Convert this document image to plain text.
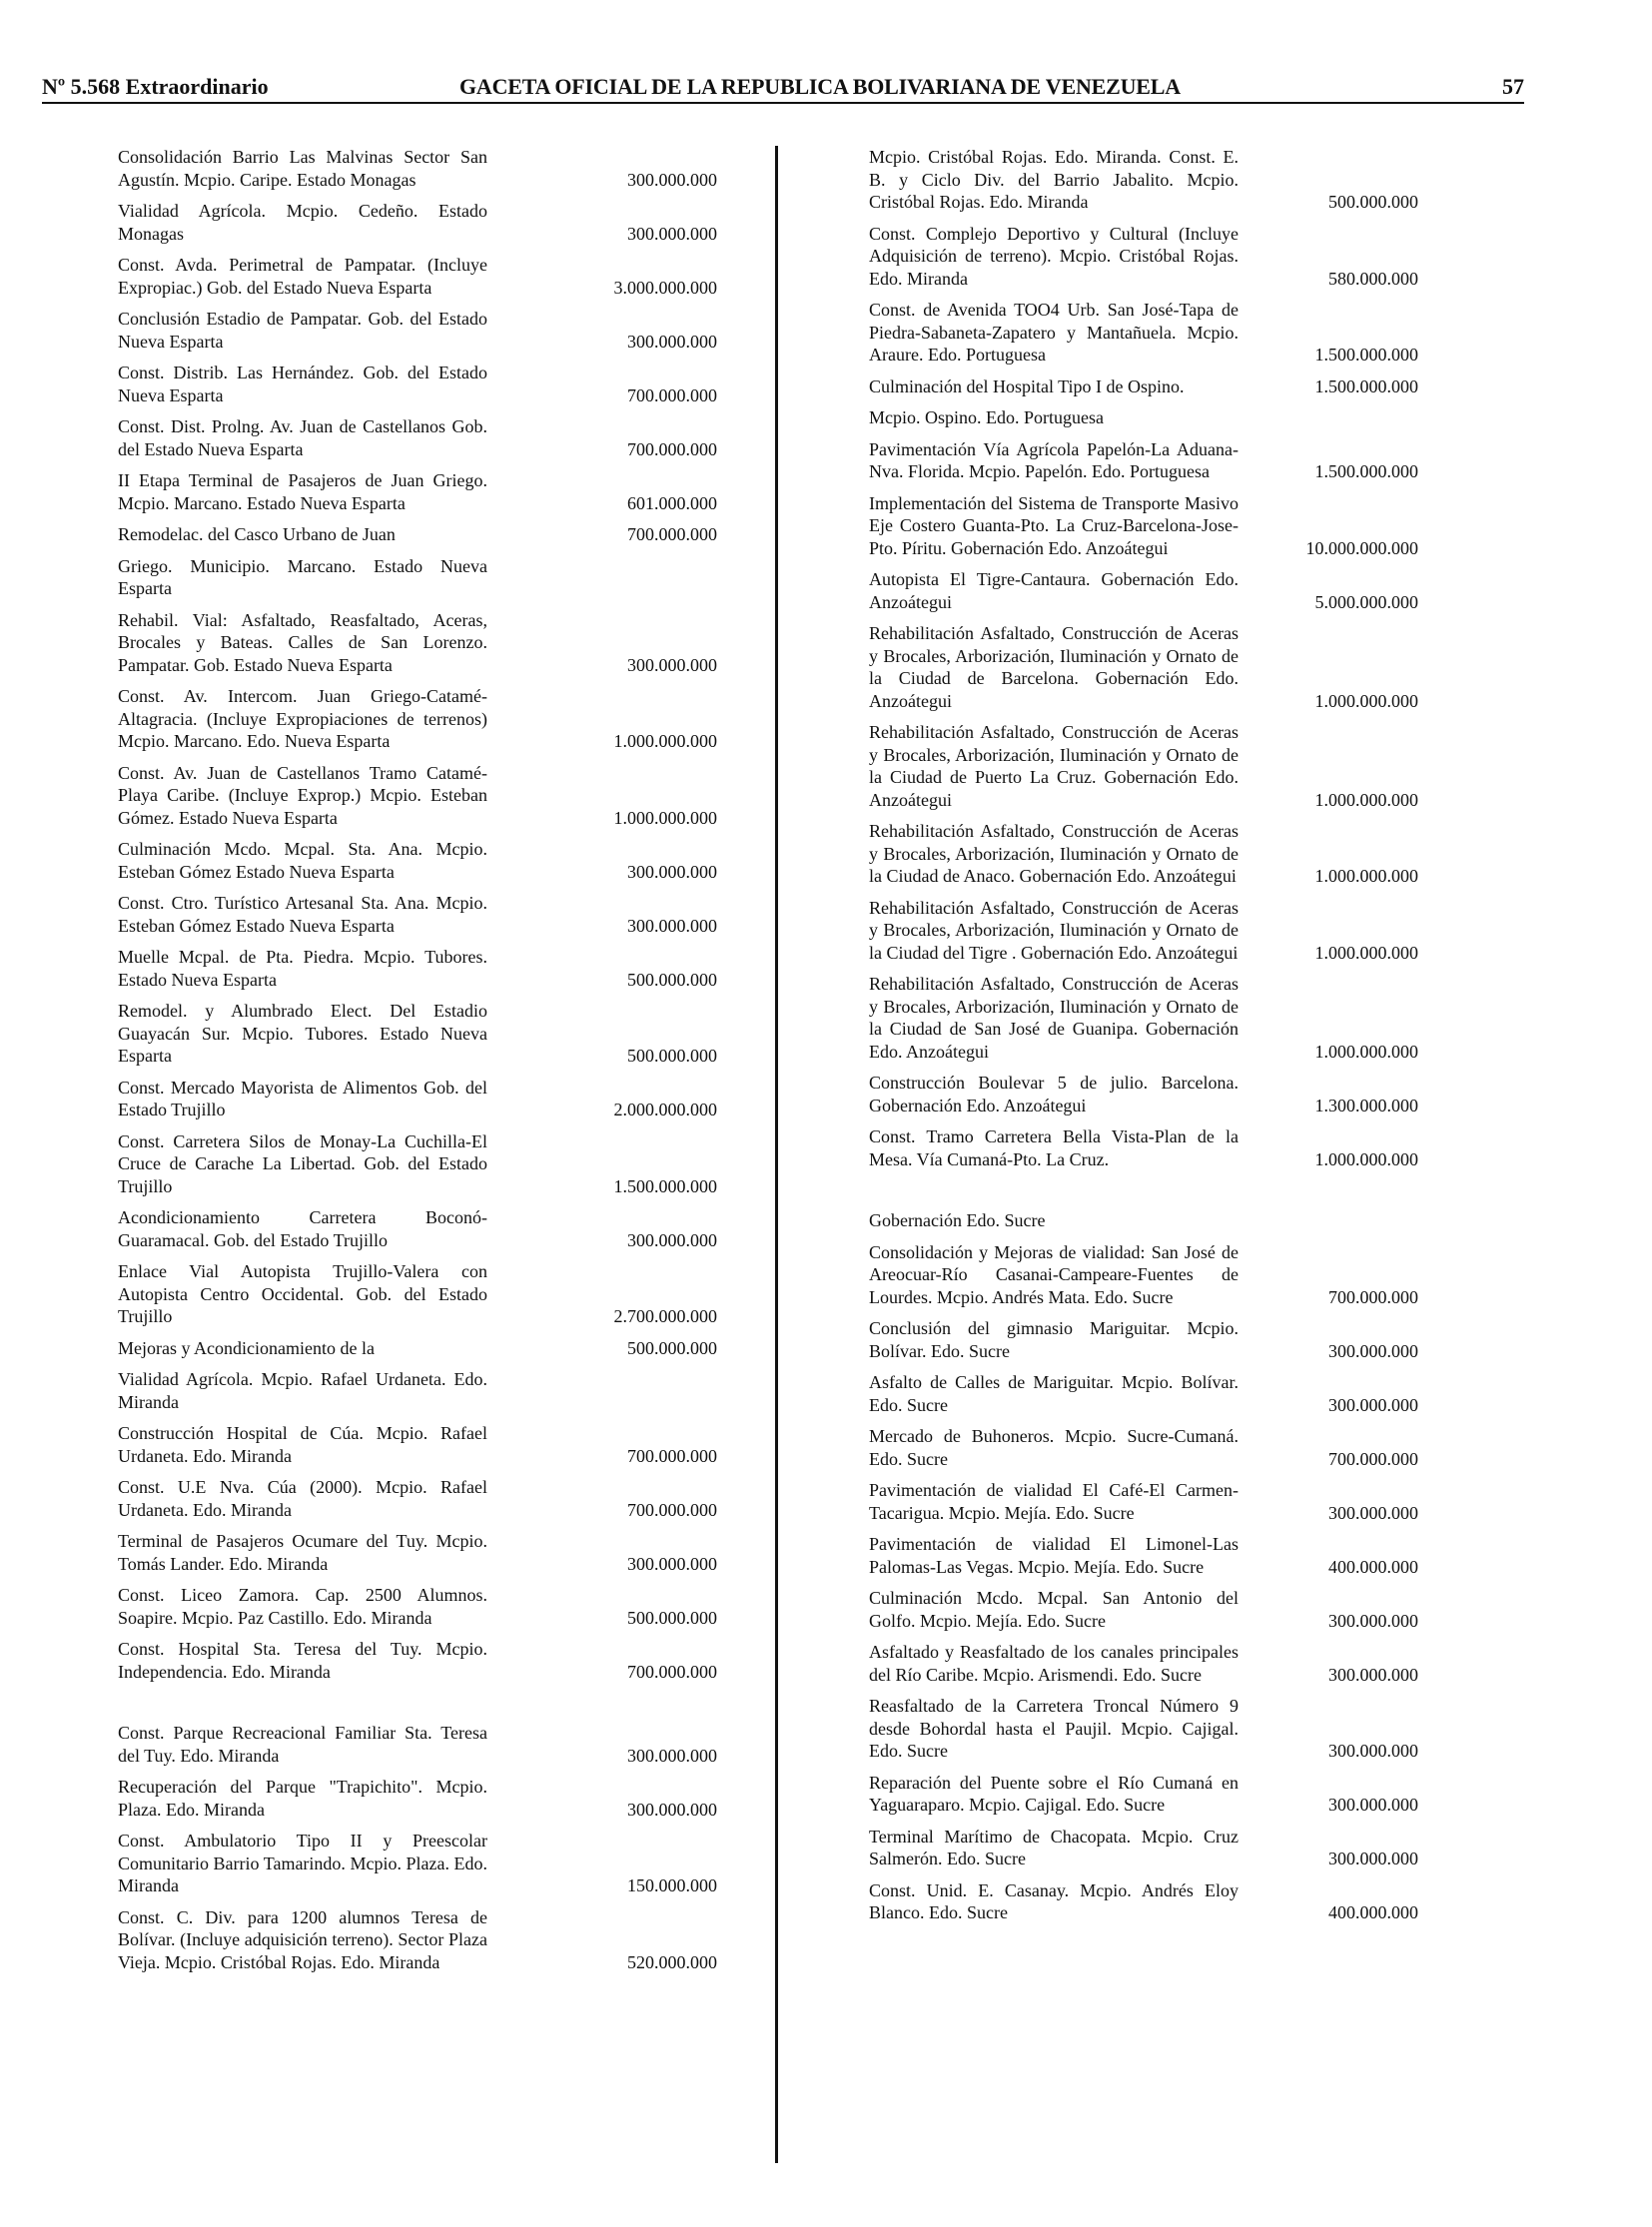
Nº 5.568 Extraordinario	GACETA OFICIAL DE LA REPUBLICA BOLIVARIANA DE VENEZUELA	57
Consolidación Barrio Las Malvinas Sector San Agustín. Mcpio. Caripe. Estado Monagas	300.000.000
Vialidad Agrícola. Mcpio. Cedeño. Estado Monagas	300.000.000
Const. Avda. Perimetral de Pampatar. (Incluye Expropiac.) Gob. del Estado Nueva Esparta	3.000.000.000
Conclusión Estadio de Pampatar. Gob. del Estado Nueva Esparta	300.000.000
Const. Distrib. Las Hernández. Gob. del Estado Nueva Esparta	700.000.000
Const. Dist. Prolng. Av. Juan de Castellanos Gob. del Estado Nueva Esparta	700.000.000
II Etapa Terminal de Pasajeros de Juan Griego. Mcpio. Marcano. Estado Nueva Esparta	601.000.000
Remodelac. del Casco Urbano de Juan	700.000.000
Griego. Municipio. Marcano. Estado Nueva Esparta
Rehabil. Vial: Asfaltado, Reasfaltado, Aceras, Brocales y Bateas. Calles de San Lorenzo. Pampatar. Gob. Estado Nueva Esparta	300.000.000
Const. Av. Intercom. Juan Griego-Catamé-Altagracia. (Incluye Expropiaciones de terrenos) Mcpio. Marcano. Edo. Nueva Esparta	1.000.000.000
Const. Av. Juan de Castellanos Tramo Catamé-Playa Caribe. (Incluye Exprop.) Mcpio. Esteban Gómez. Estado Nueva Esparta	1.000.000.000
Culminación Mcdo. Mcpal. Sta. Ana. Mcpio. Esteban Gómez Estado Nueva Esparta	300.000.000
Const. Ctro. Turístico Artesanal Sta. Ana. Mcpio. Esteban Gómez Estado Nueva Esparta	300.000.000
Muelle Mcpal. de Pta. Piedra. Mcpio. Tubores. Estado Nueva Esparta	500.000.000
Remodel. y Alumbrado Elect. Del Estadio Guayacán Sur. Mcpio. Tubores. Estado Nueva Esparta	500.000.000
Const. Mercado Mayorista de Alimentos Gob. del Estado Trujillo	2.000.000.000
Const. Carretera Silos de Monay-La Cuchilla-El Cruce de Carache La Libertad. Gob. del Estado Trujillo	1.500.000.000
Acondicionamiento Carretera Boconó-Guaramacal. Gob. del Estado Trujillo	300.000.000
Enlace Vial Autopista Trujillo-Valera con Autopista Centro Occidental. Gob. del Estado Trujillo	2.700.000.000
Mejoras y Acondicionamiento de la	500.000.000
Vialidad Agrícola. Mcpio. Rafael Urdaneta. Edo. Miranda
Construcción Hospital de Cúa. Mcpio. Rafael Urdaneta. Edo. Miranda	700.000.000
Const. U.E Nva. Cúa (2000). Mcpio. Rafael Urdaneta. Edo. Miranda	700.000.000
Terminal de Pasajeros Ocumare del Tuy. Mcpio. Tomás Lander. Edo. Miranda	300.000.000
Const. Liceo Zamora. Cap. 2500 Alumnos. Soapire. Mcpio. Paz Castillo. Edo. Miranda	500.000.000
Const. Hospital Sta. Teresa del Tuy. Mcpio. Independencia. Edo. Miranda	700.000.000
Const. Parque Recreacional Familiar Sta. Teresa del Tuy. Edo. Miranda	300.000.000
Recuperación del Parque "Trapichito". Mcpio. Plaza. Edo. Miranda	300.000.000
Const. Ambulatorio Tipo II y Preescolar Comunitario Barrio Tamarindo. Mcpio. Plaza. Edo. Miranda	150.000.000
Const. C. Div. para 1200 alumnos Teresa de Bolívar. (Incluye adquisición terreno). Sector Plaza Vieja. Mcpio. Cristóbal Rojas. Edo. Miranda	520.000.000
Mcpio. Cristóbal Rojas. Edo. Miranda. Const. E. B. y Ciclo Div. del Barrio Jabalito. Mcpio. Cristóbal Rojas. Edo. Miranda	500.000.000
Const. Complejo Deportivo y Cultural (Incluye Adquisición de terreno). Mcpio. Cristóbal Rojas. Edo. Miranda	580.000.000
Const. de Avenida TOO4 Urb. San José-Tapa de Piedra-Sabaneta-Zapatero y Mantañuela. Mcpio. Araure. Edo. Portuguesa	1.500.000.000
Culminación del Hospital Tipo I de Ospino.	1.500.000.000
Mcpio. Ospino. Edo. Portuguesa
Pavimentación Vía Agrícola Papelón-La Aduana-Nva. Florida. Mcpio. Papelón. Edo. Portuguesa	1.500.000.000
Implementación del Sistema de Transporte Masivo Eje Costero Guanta-Pto. La Cruz-Barcelona-Jose-Pto. Píritu. Gobernación Edo. Anzoátegui	10.000.000.000
Autopista El Tigre-Cantaura. Gobernación Edo. Anzoátegui	5.000.000.000
Rehabilitación Asfaltado, Construcción de Aceras y Brocales, Arborización, Iluminación y Ornato de la Ciudad de Barcelona. Gobernación Edo. Anzoátegui	1.000.000.000
Rehabilitación Asfaltado, Construcción de Aceras y Brocales, Arborización, Iluminación y Ornato de la Ciudad de Puerto La Cruz. Gobernación Edo. Anzoátegui	1.000.000.000
Rehabilitación Asfaltado, Construcción de Aceras y Brocales, Arborización, Iluminación y Ornato de la Ciudad de Anaco. Gobernación Edo. Anzoátegui	1.000.000.000
Rehabilitación Asfaltado, Construcción de Aceras y Brocales, Arborización, Iluminación y Ornato de la Ciudad del Tigre . Gobernación Edo. Anzoátegui	1.000.000.000
Rehabilitación Asfaltado, Construcción de Aceras y Brocales, Arborización, Iluminación y Ornato de la Ciudad de San José de Guanipa. Gobernación Edo. Anzoátegui	1.000.000.000
Construcción Boulevar 5 de julio. Barcelona. Gobernación Edo. Anzoátegui	1.300.000.000
Const. Tramo Carretera Bella Vista-Plan de la Mesa. Vía Cumaná-Pto. La Cruz.	1.000.000.000
Gobernación Edo. Sucre
Consolidación y Mejoras de vialidad: San José de Areocuar-Río Casanai-Campeare-Fuentes de Lourdes. Mcpio. Andrés Mata. Edo. Sucre	700.000.000
Conclusión del gimnasio Mariguitar. Mcpio. Bolívar. Edo. Sucre	300.000.000
Asfalto de Calles de Mariguitar. Mcpio. Bolívar. Edo. Sucre	300.000.000
Mercado de Buhoneros. Mcpio. Sucre-Cumaná. Edo. Sucre	700.000.000
Pavimentación de vialidad El Café-El Carmen-Tacarigua. Mcpio. Mejía. Edo. Sucre	300.000.000
Pavimentación de vialidad El Limonel-Las Palomas-Las Vegas. Mcpio. Mejía. Edo. Sucre	400.000.000
Culminación Mcdo. Mcpal. San Antonio del Golfo. Mcpio. Mejía. Edo. Sucre	300.000.000
Asfaltado y Reasfaltado de los canales principales del Río Caribe. Mcpio. Arismendi. Edo. Sucre	300.000.000
Reasfaltado de la Carretera Troncal Número 9 desde Bohordal hasta el Paujil. Mcpio. Cajigal. Edo. Sucre	300.000.000
Reparación del Puente sobre el Río Cumaná en Yaguaraparo. Mcpio. Cajigal. Edo. Sucre	300.000.000
Terminal Marítimo de Chacopata. Mcpio. Cruz Salmerón. Edo. Sucre	300.000.000
Const. Unid. E. Casanay. Mcpio. Andrés Eloy Blanco. Edo. Sucre	400.000.000
